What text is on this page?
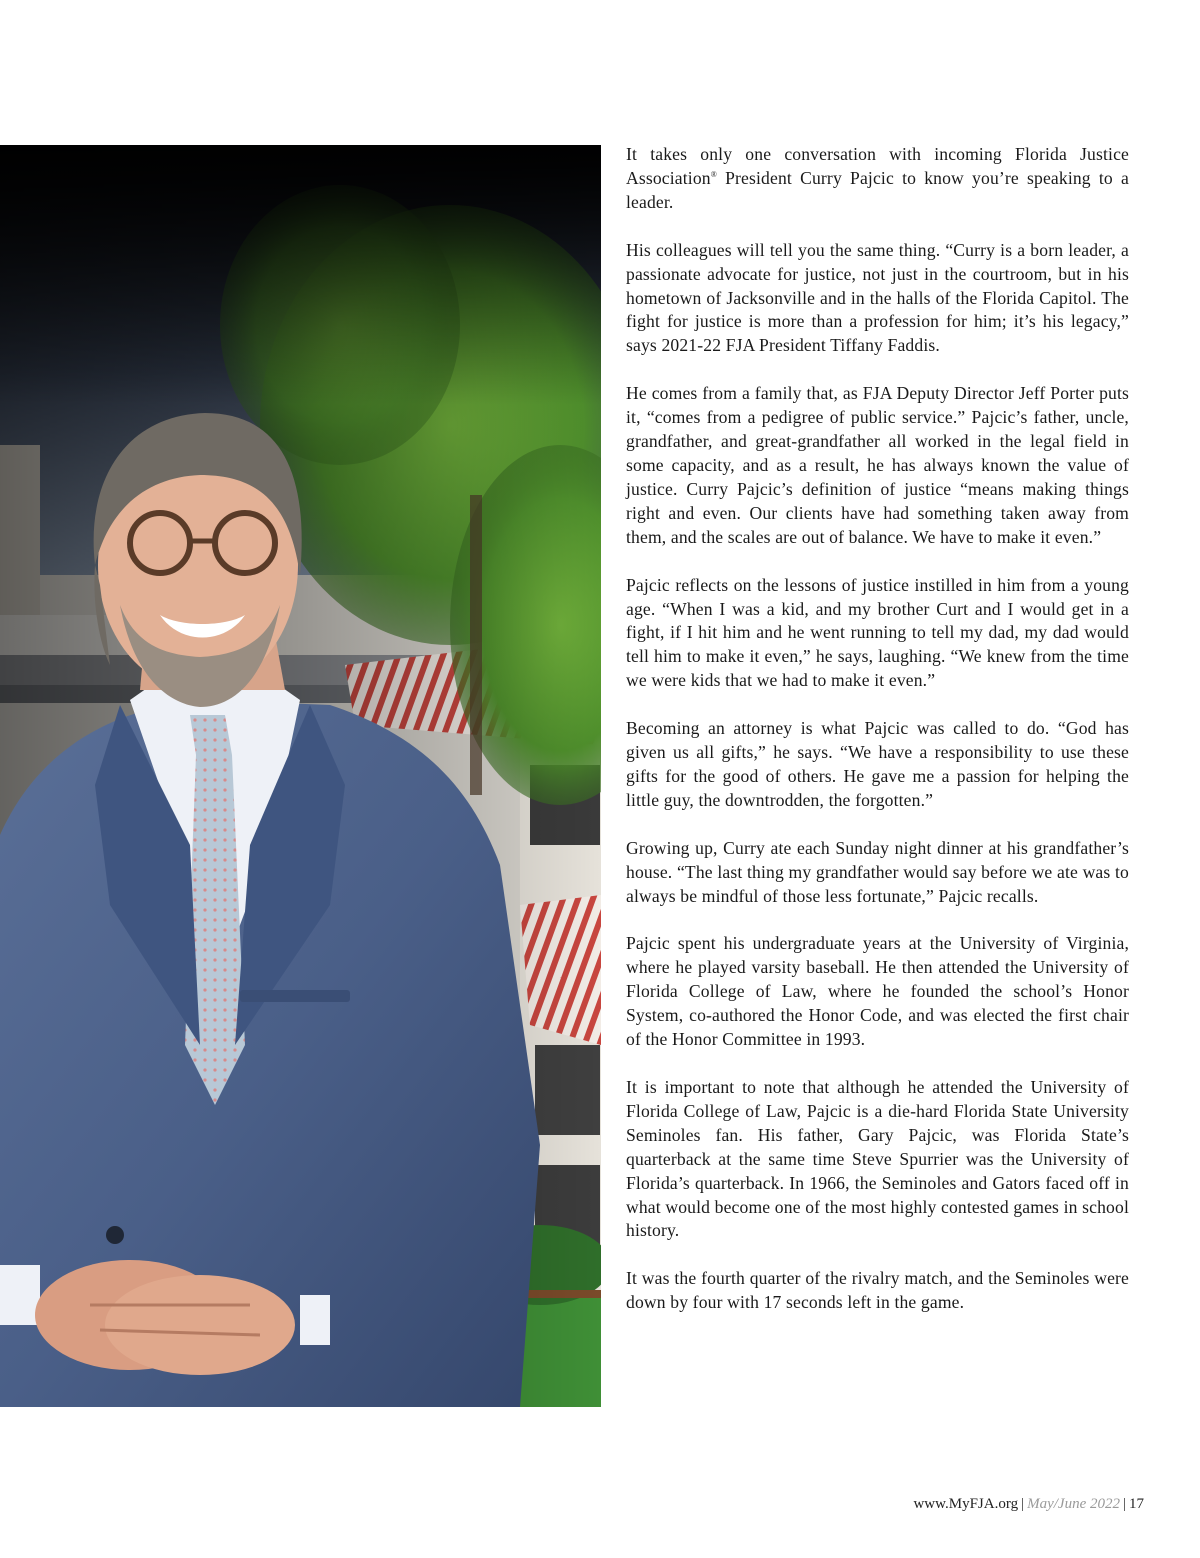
It takes only one conversation with incoming Florida Justice Association® President Curry Pajcic to know you’re speaking to a leader.

His colleagues will tell you the same thing. “Curry is a born leader, a passionate advocate for justice, not just in the courtroom, but in his hometown of Jacksonville and in the halls of the Florida Capitol. The fight for justice is more than a profession for him; it’s his legacy,” says 2021-22 FJA President Tiffany Faddis.

He comes from a family that, as FJA Deputy Director Jeff Porter puts it, “comes from a pedigree of public service.” Pajcic’s father, uncle, grandfather, and great-grandfather all worked in the legal field in some capacity, and as a result, he has always known the value of justice. Curry Pajcic’s definition of justice “means making things right and even. Our clients have had something taken away from them, and the scales are out of balance. We have to make it even.”

Pajcic reflects on the lessons of justice instilled in him from a young age. “When I was a kid, and my brother Curt and I would get in a fight, if I hit him and he went running to tell my dad, my dad would tell him to make it even,” he says, laughing. “We knew from the time we were kids that we had to make it even.”

Becoming an attorney is what Pajcic was called to do. “God has given us all gifts,” he says. “We have a responsibility to use these gifts for the good of others. He gave me a passion for helping the little guy, the downtrodden, the forgotten.”

Growing up, Curry ate each Sunday night dinner at his grandfather’s house. “The last thing my grandfather would say before we ate was to always be mindful of those less fortunate,” Pajcic recalls.

Pajcic spent his undergraduate years at the University of Virginia, where he played varsity baseball. He then attended the University of Florida College of Law, where he founded the school’s Honor System, co-authored the Honor Code, and was elected the first chair of the Honor Committee in 1993.

It is important to note that although he attended the University of Florida College of Law, Pajcic is a die-hard Florida State University Seminoles fan. His father, Gary Pajcic, was Florida State’s quarterback at the same time Steve Spurrier was the University of Florida’s quarterback. In 1966, the Seminoles and Gators faced off in what would become one of the most highly contested games in school history.

It was the fourth quarter of the rivalry match, and the Seminoles were down by four with 17 seconds left in the game.

www.MyFJA.org | May/June 2022 | 17
